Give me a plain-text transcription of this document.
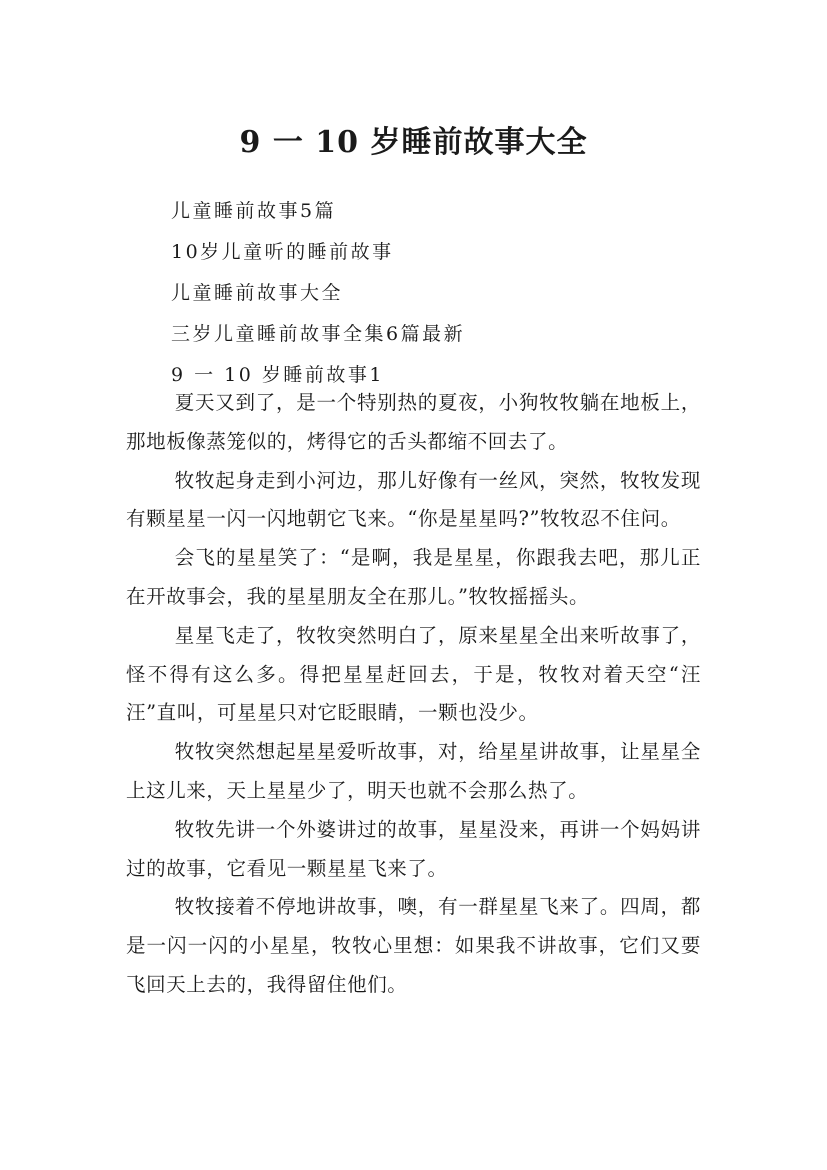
9 一 10 岁睡前故事大全
儿童睡前故事5篇
10岁儿童听的睡前故事
儿童睡前故事大全
三岁儿童睡前故事全集6篇最新
9 一 10 岁睡前故事1

夏天又到了，是一个特别热的夏夜，小狗牧牧躺在地板上，那地板像蒸笼似的，烤得它的舌头都缩不回去了。

牧牧起身走到小河边，那儿好像有一丝风，突然，牧牧发现有颗星星一闪一闪地朝它飞来。“你是星星吗?”牧牧忍不住问。

会飞的星星笑了：“是啊，我是星星，你跟我去吧，那儿正在开故事会，我的星星朋友全在那儿。”牧牧摇摇头。

星星飞走了，牧牧突然明白了，原来星星全出来听故事了，怪不得有这么多。得把星星赶回去，于是，牧牧对着天空“汪汪”直叫，可星星只对它眨眼睛，一颗也没少。

牧牧突然想起星星爱听故事，对，给星星讲故事，让星星全上这儿来，天上星星少了，明天也就不会那么热了。

牧牧先讲一个外婆讲过的故事，星星没来，再讲一个妈妈讲过的故事，它看见一颗星星飞来了。

牧牧接着不停地讲故事，噢，有一群星星飞来了。四周，都是一闪一闪的小星星，牧牧心里想：如果我不讲故事，它们又要飞回天上去的，我得留住他们。
